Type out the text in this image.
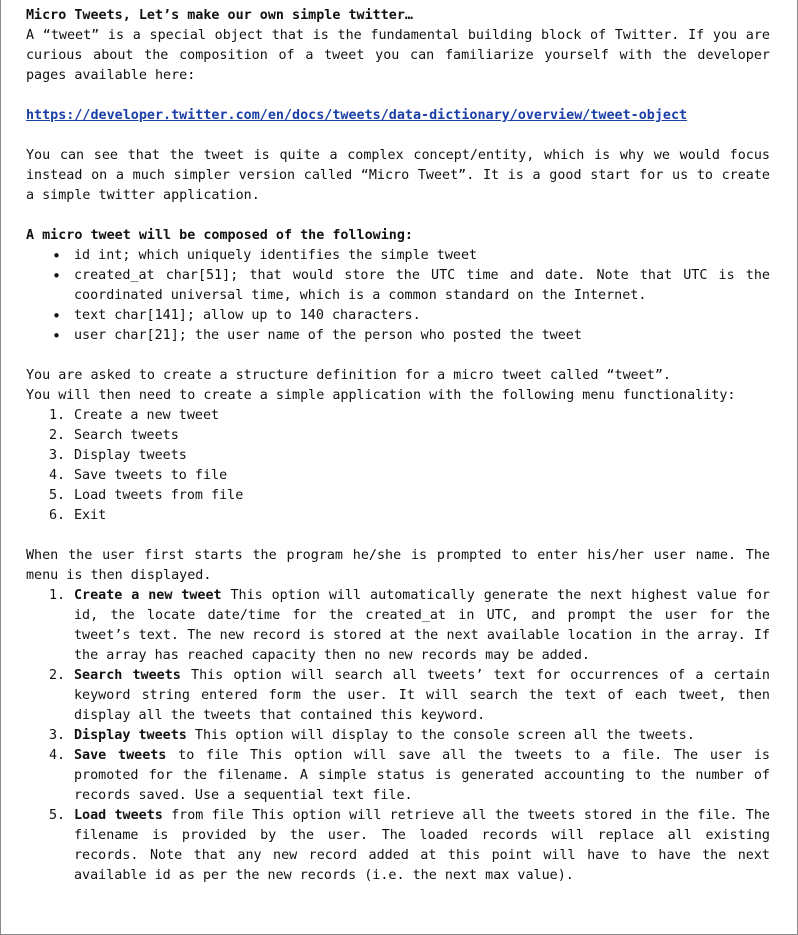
Micro Tweets, Let’s make our own simple twitter…

A “tweet” is a special object that is the fundamental building block of Twitter. If you are curious about the composition of a tweet you can familiarize yourself with the developer pages available here:

https://developer.twitter.com/en/docs/tweets/data-dictionary/overview/tweet-object

You can see that the tweet is quite a complex concept/entity, which is why we would focus instead on a much simpler version called “Micro Tweet”. It is a good start for us to create a simple twitter application.

A micro tweet will be composed of the following:

• id int; which uniquely identifies the simple tweet
• created_at char[51]; that would store the UTC time and date. Note that UTC is the coordinated universal time, which is a common standard on the Internet.
• text char[141]; allow up to 140 characters.
• user char[21]; the user name of the person who posted the tweet

You are asked to create a structure definition for a micro tweet called “tweet”.

You will then need to create a simple application with the following menu functionality:

1. Create a new tweet
2. Search tweets
3. Display tweets
4. Save tweets to file
5. Load tweets from file
6. Exit

When the user first starts the program he/she is prompted to enter his/her user name. The menu is then displayed.

1. Create a new tweet This option will automatically generate the next highest value for id, the locate date/time for the created_at in UTC, and prompt the user for the tweet’s text. The new record is stored at the next available location in the array. If the array has reached capacity then no new records may be added.
2. Search tweets This option will search all tweets’ text for occurrences of a certain keyword string entered form the user. It will search the text of each tweet, then display all the tweets that contained this keyword.
3. Display tweets This option will display to the console screen all the tweets.
4. Save tweets to file This option will save all the tweets to a file. The user is promoted for the filename. A simple status is generated accounting to the number of records saved. Use a sequential text file.
5. Load tweets from file This option will retrieve all the tweets stored in the file. The filename is provided by the user. The loaded records will replace all existing records. Note that any new record added at this point will have to have the next available id as per the new records (i.e. the next max value).
